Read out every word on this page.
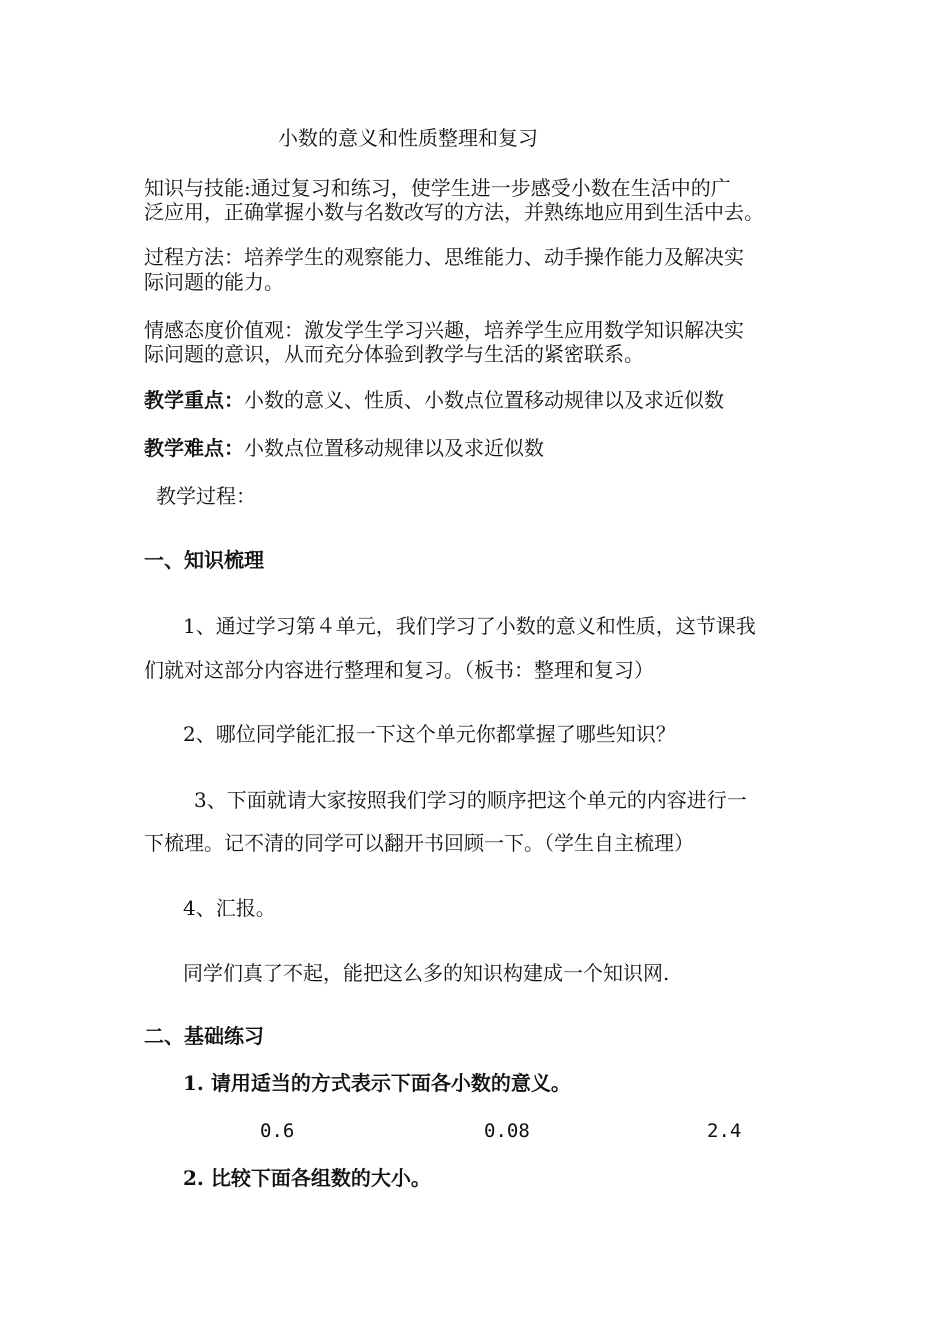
小数的意义和性质整理和复习
知识与技能:通过复习和练习，使学生进一步感受小数在生活中的广
泛应用，正确掌握小数与名数改写的方法，并熟练地应用到生活中去。
过程方法：培养学生的观察能力、思维能力、动手操作能力及解决实
际问题的能力。
情感态度价值观：激发学生学习兴趣，培养学生应用数学知识解决实
际问题的意识，从而充分体验到教学与生活的紧密联系。
教学重点：小数的意义、性质、小数点位置移动规律以及求近似数
教学难点：小数点位置移动规律以及求近似数
教学过程：
一、知识梳理
1、通过学习第４单元，我们学习了小数的意义和性质，这节课我
们就对这部分内容进行整理和复习。（板书：整理和复习）
2、哪位同学能汇报一下这个单元你都掌握了哪些知识？
3、下面就请大家按照我们学习的顺序把这个单元的内容进行一
下梳理。记不清的同学可以翻开书回顾一下。（学生自主梳理）
4、汇报。
同学们真了不起，能把这么多的知识构建成一个知识网.
二、基础练习
1. 请用适当的方式表示下面各小数的意义。
0.6	0.08	2.4
2. 比较下面各组数的大小。
